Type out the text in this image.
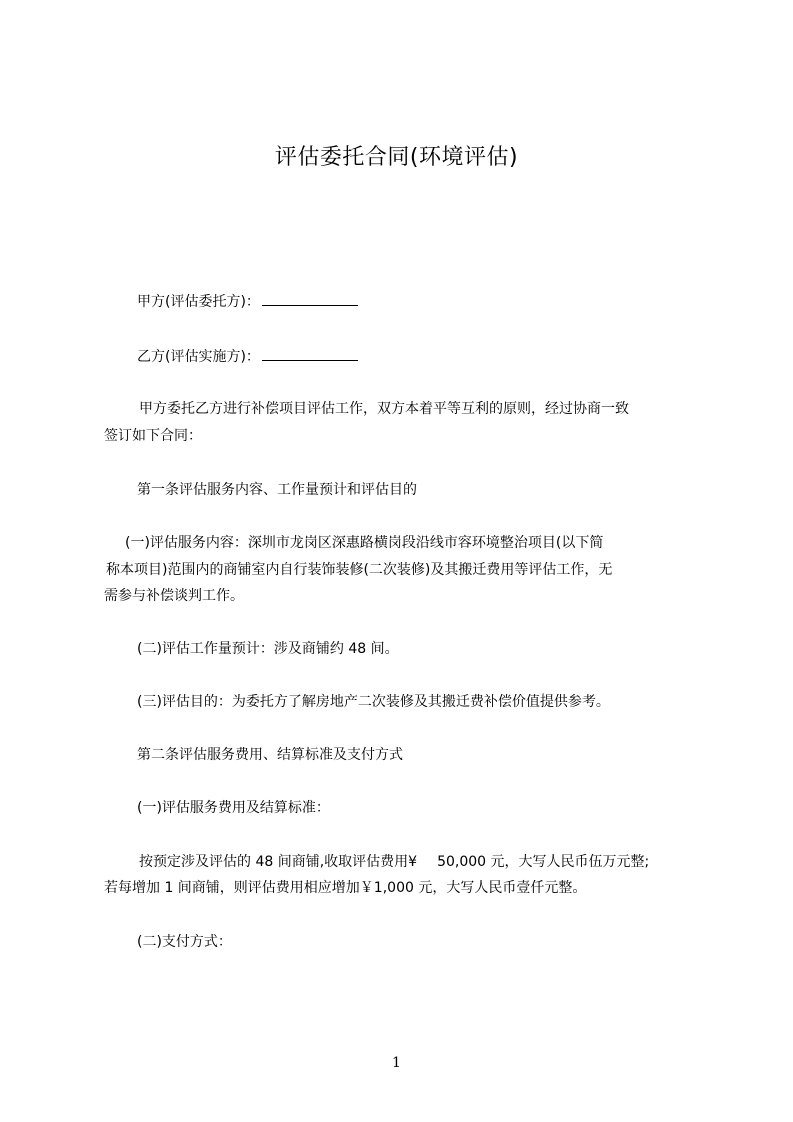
评估委托合同(环境评估)
甲方(评估委托方)：
乙方(评估实施方)：
甲方委托乙方进行补偿项目评估工作，双方本着平等互利的原则，经过协商一致
签订如下合同：
第一条评估服务内容、工作量预计和评估目的
(一)评估服务内容：深圳市龙岗区深惠路横岗段沿线市容环境整治项目(以下简
称本项目)范围内的商铺室内自行装饰装修(二次装修)及其搬迁费用等评估工作，无
需参与补偿谈判工作。
(二)评估工作量预计：涉及商铺约 48 间。
(三)评估目的：为委托方了解房地产二次装修及其搬迁费补偿价值提供参考。
第二条评估服务费用、结算标准及支付方式
(一)评估服务费用及结算标准：
按预定涉及评估的 48 间商铺,收取评估费用¥ 50,000 元，大写人民币伍万元整;
若每增加 1 间商铺，则评估费用相应增加￥1,000 元，大写人民币壹仟元整。
(二)支付方式：
1
